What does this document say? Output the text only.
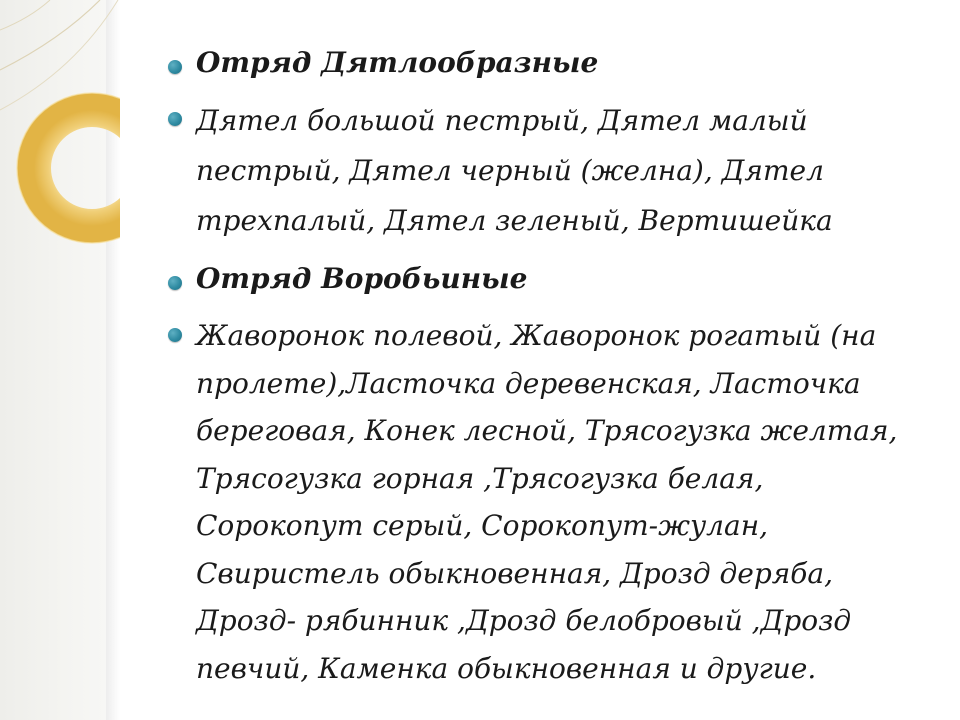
Отряд Дятлообразные
Дятел большой пестрый, Дятел малый пестрый, Дятел черный (желна), Дятел трехпалый, Дятел зеленый, Вертишейка
Отряд Воробьиные
Жаворонок полевой, Жаворонок рогатый (на пролете),Ласточка деревенская, Ласточка береговая, Конек лесной, Трясогузка желтая, Трясогузка горная ,Трясогузка белая, Сорокопут серый, Сорокопут-жулан, Свиристель обыкновенная, Дрозд деряба, Дрозд- рябинник ,Дрозд белобровый ,Дрозд певчий, Каменка обыкновенная и другие.
